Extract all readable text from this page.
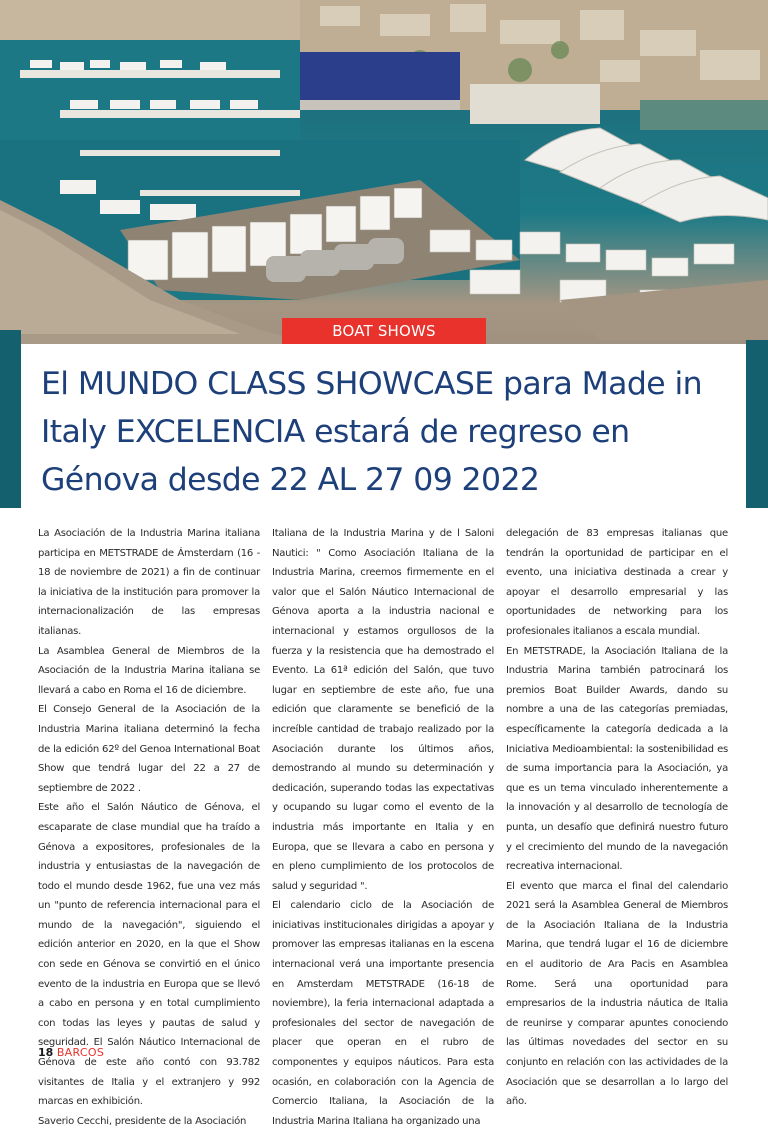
BOAT SHOWS
El MUNDO CLASS SHOWCASE para Made in Italy EXCELENCIA estará de regreso en Génova desde 22 AL 27 09 2022

La Asociación de la Industria Marina italiana participa en METSTRADE de Ámsterdam (16 - 18 de noviembre de 2021) a fin de continuar la iniciativa de la institución para promover la internacionalización de las empresas italianas.

La Asamblea General de Miembros de la Asociación de la Industria Marina italiana se llevará a cabo en Roma el 16 de diciembre.

El Consejo General de la Asociación de la Industria Marina italiana determinó la fecha de la edición 62º del Genoa International Boat Show que tendrá lugar del 22 a 27 de septiembre de 2022 .

Este año el Salón Náutico de Génova, el escaparate de clase mundial que ha traído a Génova a expositores, profesionales de la industria y entusiastas de la navegación de todo el mundo desde 1962, fue una vez más un "punto de referencia internacional para el mundo de la navegación", siguiendo el edición anterior en 2020, en la que el Show con sede en Génova se convirtió en el único evento de la industria en Europa que se llevó a cabo en persona y en total cumplimiento con todas las leyes y pautas de salud y seguridad. El Salón Náutico Internacional de Génova de este año contó con 93.782 visitantes de Italia y el extranjero y 992 marcas en exhibición.

Saverio Cecchi, presidente de la Asociación

Italiana de la Industria Marina y de l Saloni Nautici: " Como Asociación Italiana de la Industria Marina, creemos firmemente en el valor que el Salón Náutico Internacional de Génova aporta a la industria nacional e internacional y estamos orgullosos de la fuerza y la resistencia que ha demostrado el Evento. La 61ª edición del Salón, que tuvo lugar en septiembre de este año, fue una edición que claramente se benefició de la increíble cantidad de trabajo realizado por la Asociación durante los últimos años, demostrando al mundo su determinación y dedicación, superando todas las expectativas y ocupando su lugar como el evento de la industria más importante en Italia y en Europa, que se llevara a cabo en persona y en pleno cumplimiento de los protocolos de salud y seguridad ".

El calendario ciclo de la Asociación de iniciativas institucionales dirigidas a apoyar y promover las empresas italianas en la escena internacional verá una importante presencia en Amsterdam METSTRADE (16-18 de noviembre), la feria internacional adaptada a profesionales del sector de navegación de placer que operan en el rubro de componentes y equipos náuticos. Para esta ocasión, en colaboración con la Agencia de Comercio Italiana, la Asociación de la Industria Marina Italiana ha organizado una

delegación de 83 empresas italianas que tendrán la oportunidad de participar en el evento, una iniciativa destinada a crear y apoyar el desarrollo empresarial y las oportunidades de networking para los profesionales italianos a escala mundial.

En METSTRADE, la Asociación Italiana de la Industria Marina también patrocinará los premios Boat Builder Awards, dando su nombre a una de las categorías premiadas, específicamente la categoría dedicada a la Iniciativa Medioambiental: la sostenibilidad es de suma importancia para la Asociación, ya que es un tema vinculado inherentemente a la innovación y al desarrollo de tecnología de punta, un desafío que definirá nuestro futuro y el crecimiento del mundo de la navegación recreativa internacional.

El evento que marca el final del calendario 2021 será la Asamblea General de Miembros de la Asociación Italiana de la Industria Marina, que tendrá lugar el 16 de diciembre en el auditorio de Ara Pacis en Asamblea Rome. Será una oportunidad para empresarios de la industria náutica de Italia de reunirse y comparar apuntes conociendo las últimas novedades del sector en su conjunto en relación con las actividades de la Asociación que se desarrollan a lo largo del año.

18 BARCOS
